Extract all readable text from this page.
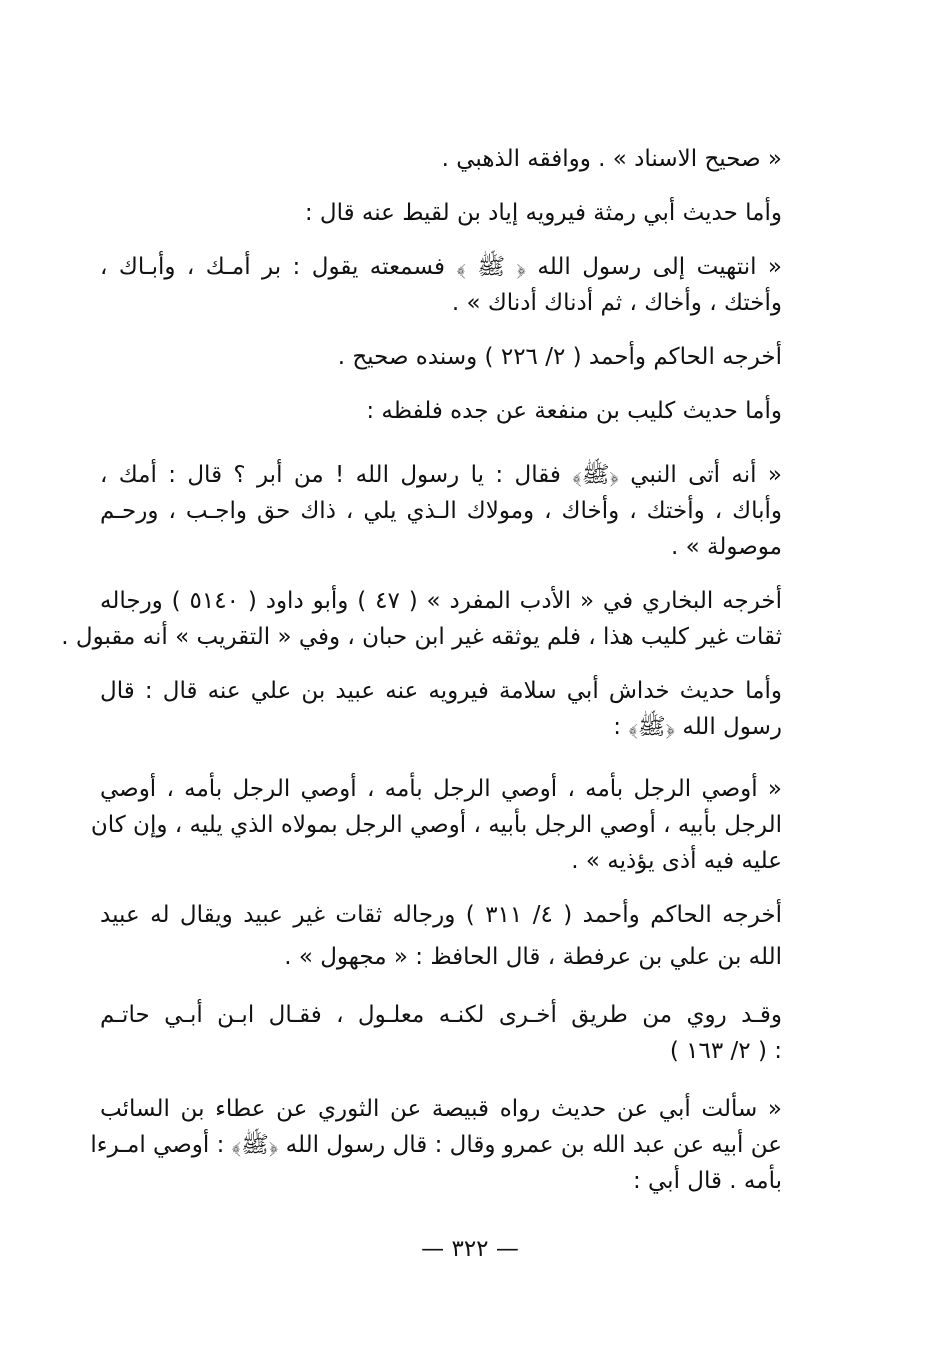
« صحيح الاسناد » . ووافقه الذهبي .
وأما حديث أبي رمثة فيرويه إياد بن لقيط عنه قال :
« انتهيت إلى رسول الله ﴿ ﷺ ﴾ فسمعته يقول : بر أمـك ، وأبـاك ،
وأختك ، وأخاك ، ثم أدناك أدناك » .
أخرجه الحاكم وأحمد ( ٢/ ٢٢٦ ) وسنده صحيح .
وأما حديث كليب بن منفعة عن جده فلفظه :
« أنه أتى النبي ﴿ﷺ﴾ فقال : يا رسول الله ! من أبر ؟ قال : أمك ،
وأباك ، وأختك ، وأخاك ، ومولاك الـذي يلي ، ذاك حق واجـب ، ورحـم
موصولة » .
أخرجه البخاري في « الأدب المفرد » ( ٤٧ ) وأبو داود ( ٥١٤٠ ) ورجاله
ثقات غير كليب هذا ، فلم يوثقه غير ابن حبان ، وفي « التقريب » أنه مقبول .
وأما حديث خداش أبي سلامة فيرويه عنه عبيد بن علي عنه قال : قال
رسول الله ﴿ﷺ﴾ :
« أوصي الرجل بأمه ، أوصي الرجل بأمه ، أوصي الرجل بأمه ، أوصي
الرجل بأبيه ، أوصي الرجل بأبيه ، أوصي الرجل بمولاه الذي يليه ، وإن كان
عليه فيه أذى يؤذيه » .
أخرجه الحاكم وأحمد ( ٤/ ٣١١ ) ورجاله ثقات غير عبيد ويقال له عبيد
الله بن علي بن عرفطة ، قال الحافظ : « مجهول » .
وقـد روي من طريق أخـرى لكنـه معلـول ، فقـال ابـن أبـي حاتـم
( ٢/ ١٦٣ ) :
« سألت أبي عن حديث رواه قبيصة عن الثوري عن عطاء بن السائب
عن أبيه عن عبد الله بن عمرو وقال : قال رسول الله ﴿ﷺ﴾ : أوصي امـرءا
بأمه . قال أبي :
— ٣٢٢ —
